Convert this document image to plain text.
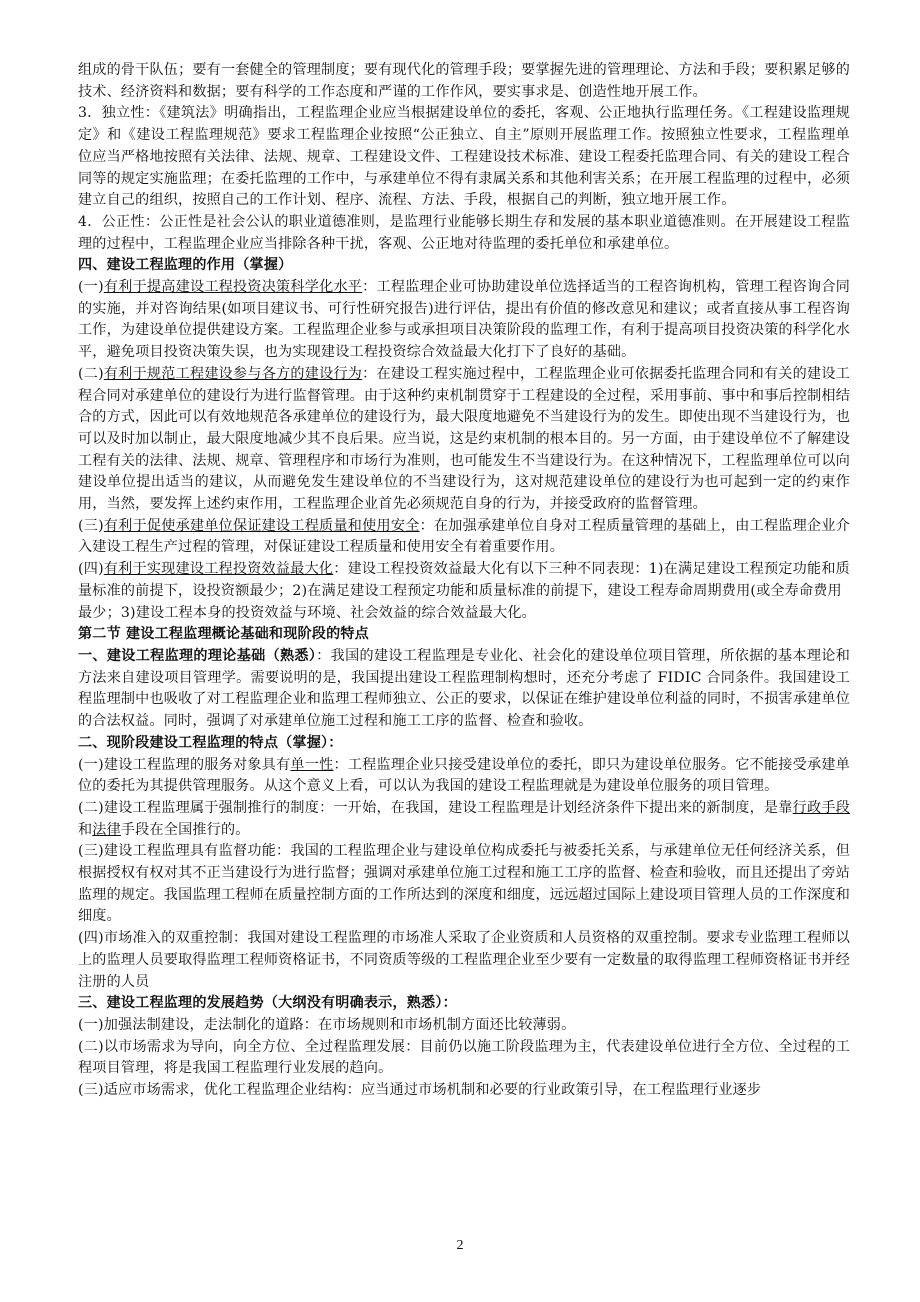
组成的骨干队伍；要有一套健全的管理制度；要有现代化的管理手段；要掌握先进的管理理论、方法和手段；要积累足够的技术、经济资料和数据；要有科学的工作态度和严谨的工作作风，要实事求是、创造性地开展工作。

3．独立性：《建筑法》明确指出，工程监理企业应当根据建设单位的委托，客观、公正地执行监理任务。《工程建设监理规定》和《建设工程监理规范》要求工程监理企业按照“公正独立、自主”原则开展监理工作。按照独立性要求，工程监理单位应当严格地按照有关法律、法规、规章、工程建设文件、工程建设技术标准、建设工程委托监理合同、有关的建设工程合同等的规定实施监理；在委托监理的工作中，与承建单位不得有隶属关系和其他利害关系；在开展工程监理的过程中，必须建立自己的组织，按照自己的工作计划、程序、流程、方法、手段，根据自己的判断，独立地开展工作。

4．公正性：公正性是社会公认的职业道德准则，是监理行业能够长期生存和发展的基本职业道德准则。在开展建设工程监理的过程中，工程监理企业应当排除各种干扰，客观、公正地对待监理的委托单位和承建单位。

四、建设工程监理的作用（掌握）

(一)有利于提高建设工程投资决策科学化水平：工程监理企业可协助建设单位选择适当的工程咨询机构，管理工程咨询合同的实施，并对咨询结果(如项目建议书、可行性研究报告)进行评估，提出有价值的修改意见和建议；或者直接从事工程咨询工作，为建设单位提供建设方案。工程监理企业参与或承担项目决策阶段的监理工作，有利于提高项目投资决策的科学化水平，避免项目投资决策失误，也为实现建设工程投资综合效益最大化打下了良好的基础。

(二)有利于规范工程建设参与各方的建设行为：在建设工程实施过程中，工程监理企业可依据委托监理合同和有关的建设工程合同对承建单位的建设行为进行监督管理。由于这种约束机制贯穿于工程建设的全过程，采用事前、事中和事后控制相结合的方式，因此可以有效地规范各承建单位的建设行为，最大限度地避免不当建设行为的发生。即使出现不当建设行为，也可以及时加以制止，最大限度地减少其不良后果。应当说，这是约束机制的根本目的。另一方面，由于建设单位不了解建设工程有关的法律、法规、规章、管理程序和市场行为准则，也可能发生不当建设行为。在这种情况下，工程监理单位可以向建设单位提出适当的建议，从而避免发生建设单位的不当建设行为，这对规范建设单位的建设行为也可起到一定的约束作用，当然，要发挥上述约束作用，工程监理企业首先必须规范自身的行为，并接受政府的监督管理。

(三)有利于促使承建单位保证建设工程质量和使用安全：在加强承建单位自身对工程质量管理的基础上，由工程监理企业介入建设工程生产过程的管理，对保证建设工程质量和使用安全有着重要作用。

(四)有利于实现建设工程投资效益最大化：建设工程投资效益最大化有以下三种不同表现：1)在满足建设工程预定功能和质量标准的前提下，设投资额最少；2)在满足建设工程预定功能和质量标准的前提下，建设工程寿命周期费用(或全寿命费用

最少；3)建设工程本身的投资效益与环境、社会效益的综合效益最大化。

第二节 建设工程监理概论基础和现阶段的特点

一、建设工程监理的理论基础（熟悉）：我国的建设工程监理是专业化、社会化的建设单位项目管理，所依据的基本理论和方法来自建设项目管理学。需要说明的是，我国提出建设工程监理制构想时，还充分考虑了 FIDIC 合同条件。我国建设工程监理制中也吸收了对工程监理企业和监理工程师独立、公正的要求，以保证在维护建设单位利益的同时，不损害承建单位的合法权益。同时，强调了对承建单位施工过程和施工工序的监督、检查和验收。

二、现阶段建设工程监理的特点（掌握）：

(一)建设工程监理的服务对象具有单一性：工程监理企业只接受建设单位的委托，即只为建设单位服务。它不能接受承建单位的委托为其提供管理服务。从这个意义上看，可以认为我国的建设工程监理就是为建设单位服务的项目管理。

(二)建设工程监理属于强制推行的制度：一开始，在我国，建设工程监理是计划经济条件下提出来的新制度，是靠行政手段和法律手段在全国推行的。

(三)建设工程监理具有监督功能：我国的工程监理企业与建设单位构成委托与被委托关系，与承建单位无任何经济关系，但根据授权有权对其不正当建设行为进行监督；强调对承建单位施工过程和施工工序的监督、检查和验收，而且还提出了旁站监理的规定。我国监理工程师在质量控制方面的工作所达到的深度和细度，远远超过国际上建设项目管理人员的工作深度和细度。

(四)市场准入的双重控制：我国对建设工程监理的市场准人采取了企业资质和人员资格的双重控制。要求专业监理工程师以上的监理人员要取得监理工程师资格证书，不同资质等级的工程监理企业至少要有一定数量的取得监理工程师资格证书并经注册的人员

三、建设工程监理的发展趋势（大纲没有明确表示，熟悉）：

(一)加强法制建设，走法制化的道路：在市场规则和市场机制方面还比较薄弱。

(二)以市场需求为导向，向全方位、全过程监理发展：目前仍以施工阶段监理为主，代表建设单位进行全方位、全过程的工程项目管理，将是我国工程监理行业发展的趋向。

(三)适应市场需求，优化工程监理企业结构：应当通过市场机制和必要的行业政策引导，在工程监理行业逐步

2
